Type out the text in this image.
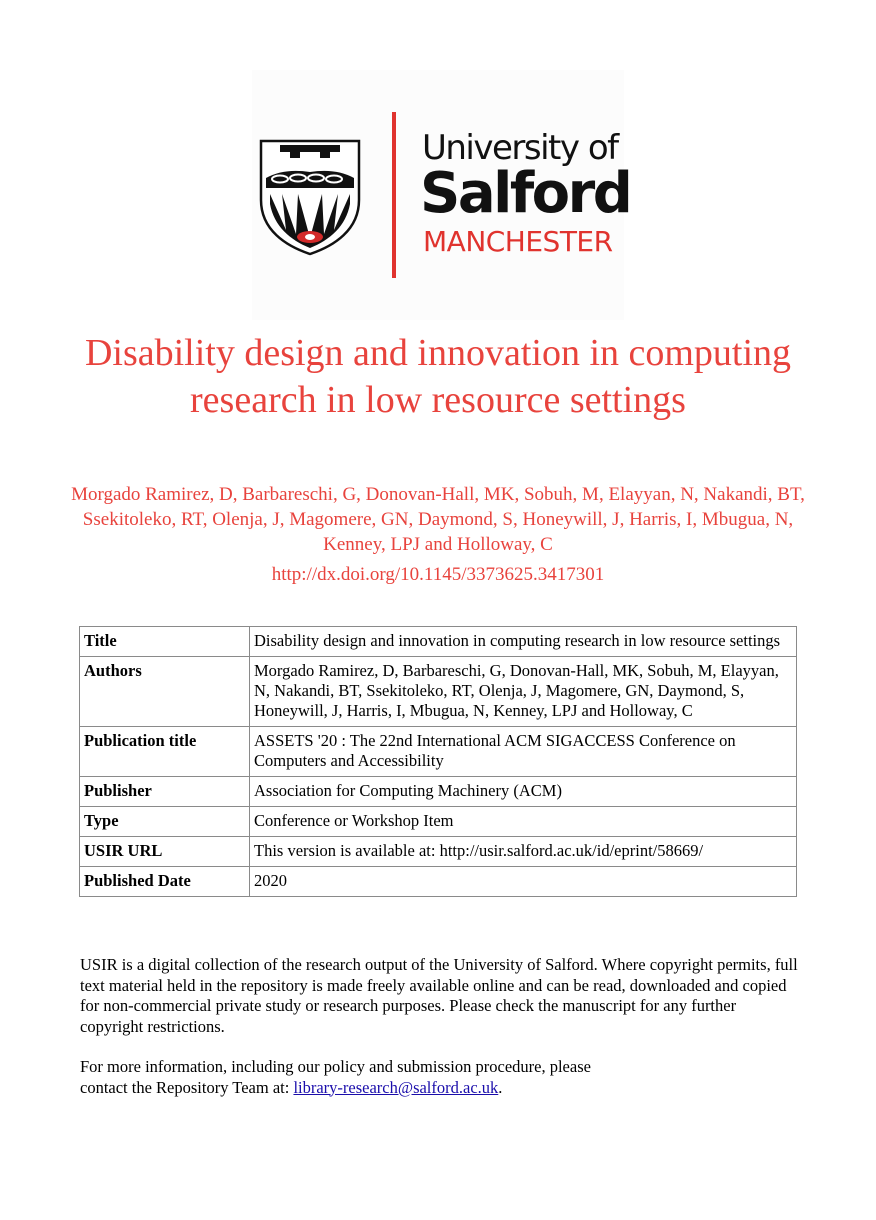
University of
Salford
MANCHESTER
Disability design and innovation in computing research in low resource settings
Morgado Ramirez, D, Barbareschi, G, Donovan-Hall, MK, Sobuh, M, Elayyan, N, Nakandi, BT, Ssekitoleko, RT, Olenja, J, Magomere, GN, Daymond, S, Honeywill, J, Harris, I, Mbugua, N, Kenney, LPJ and Holloway, C
http://dx.doi.org/10.1145/3373625.3417301
Title	Disability design and innovation in computing research in low resource settings
Authors	Morgado Ramirez, D, Barbareschi, G, Donovan-Hall, MK, Sobuh, M, Elayyan, N, Nakandi, BT, Ssekitoleko, RT, Olenja, J, Magomere, GN, Daymond, S, Honeywill, J, Harris, I, Mbugua, N, Kenney, LPJ and Holloway, C
Publication title	ASSETS '20 : The 22nd International ACM SIGACCESS Conference on Computers and Accessibility
Publisher	Association for Computing Machinery (ACM)
Type	Conference or Workshop Item
USIR URL	This version is available at: http://usir.salford.ac.uk/id/eprint/58669/
Published Date	2020
USIR is a digital collection of the research output of the University of Salford. Where copyright permits, full text material held in the repository is made freely available online and can be read, downloaded and copied for non-commercial private study or research purposes. Please check the manuscript for any further copyright restrictions.
For more information, including our policy and submission procedure, please
contact the Repository Team at: library-research@salford.ac.uk.
